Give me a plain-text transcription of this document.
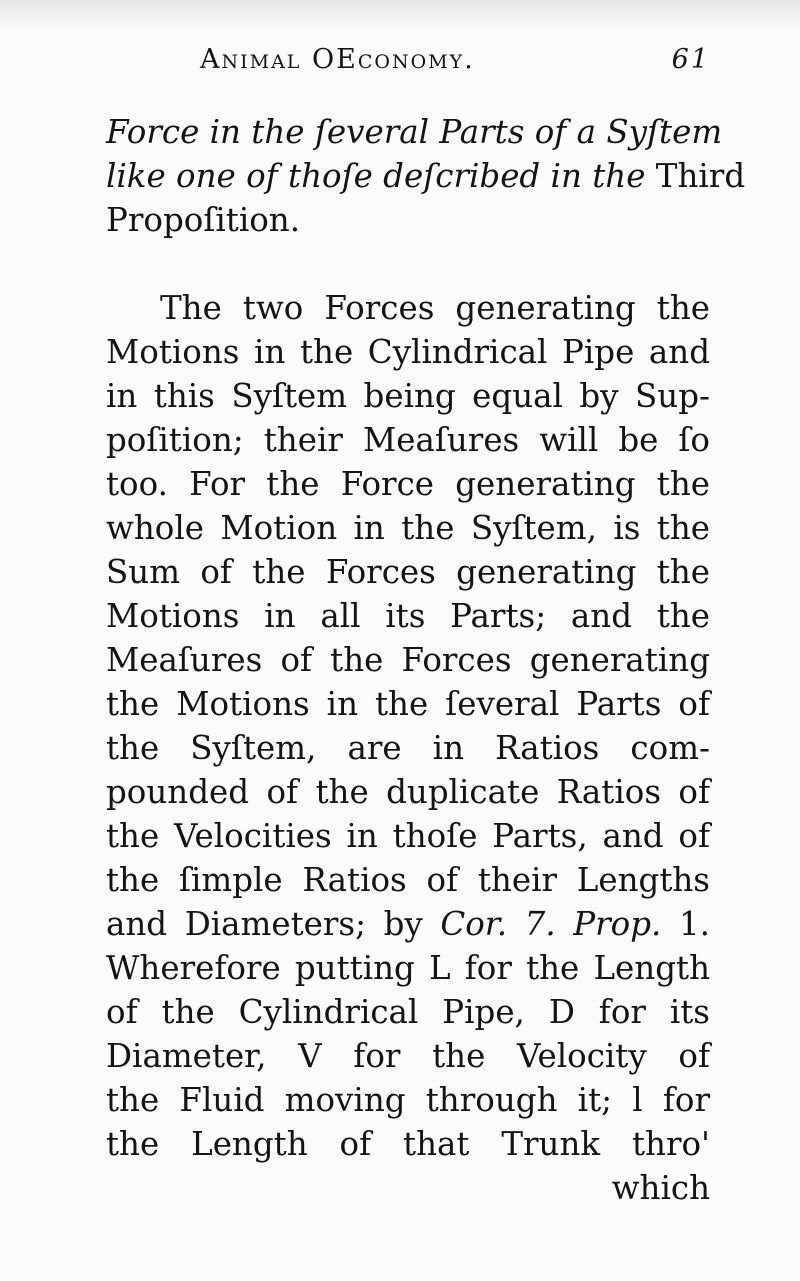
Animal OEconomy.	61
Force in the ſeveral Parts of a Syſtem
like one of thoſe deſcribed in the Third
Propoſition.
The two Forces generating the
Motions in the Cylindrical Pipe and
in this Syſtem being equal by Sup-
poſition; their Meaſures will be ſo
too. For the Force generating the
whole Motion in the Syſtem, is the
Sum of the Forces generating the
Motions in all its Parts; and the
Meaſures of the Forces generating
the Motions in the ſeveral Parts of
the Syſtem, are in Ratios com-
pounded of the duplicate Ratios of
the Velocities in thoſe Parts, and of
the ſimple Ratios of their Lengths
and Diameters; by Cor. 7. Prop. 1.
Wherefore putting L for the Length
of the Cylindrical Pipe, D for its
Diameter, V for the Velocity of
the Fluid moving through it; l for
the Length of that Trunk thro'
which
